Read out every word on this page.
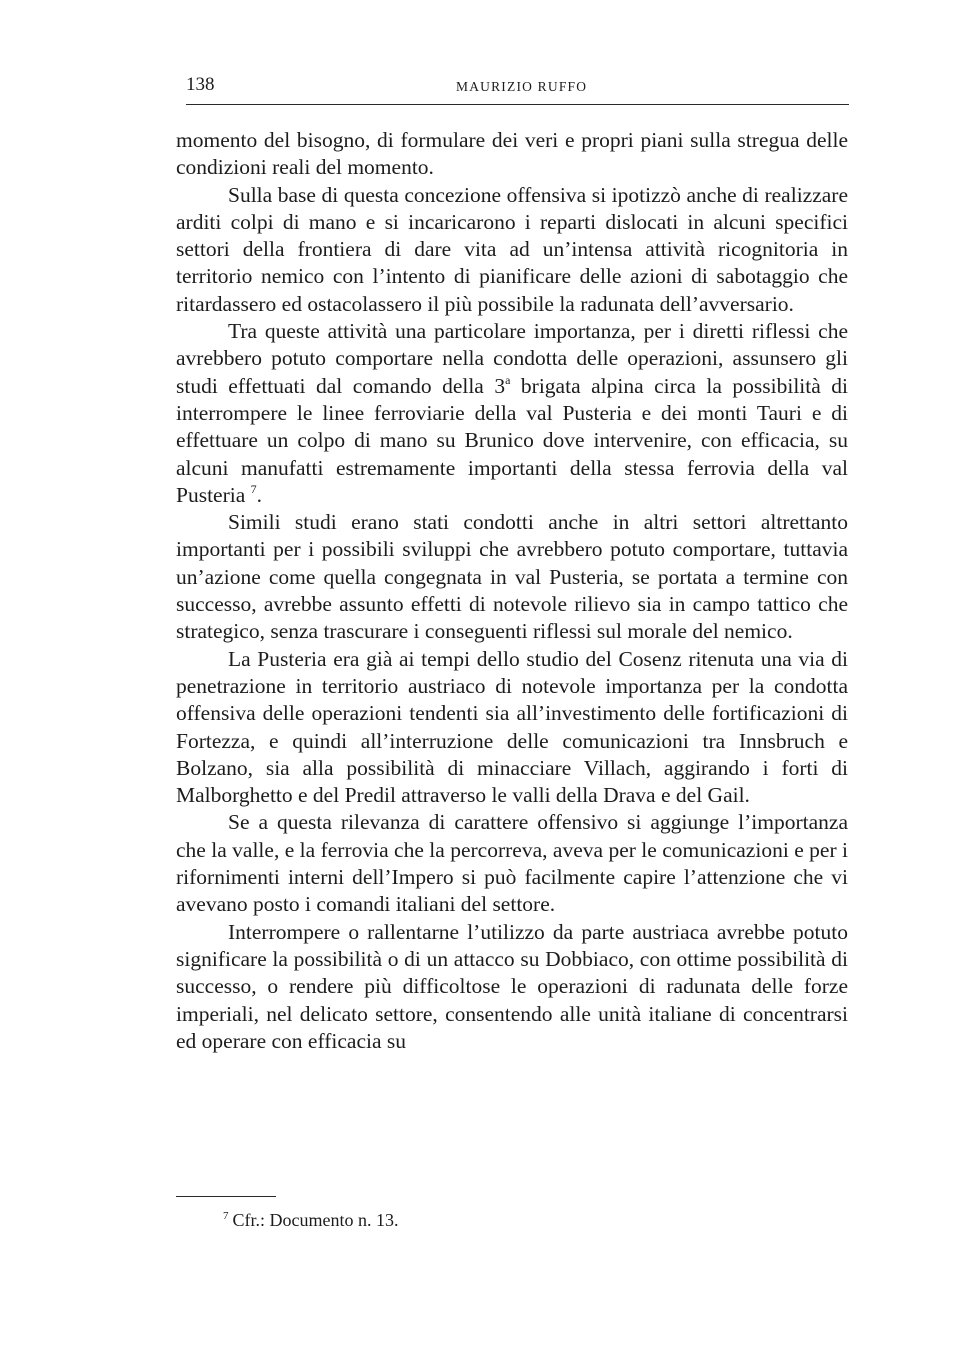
138	MAURIZIO RUFFO

momento del bisogno, di formulare dei veri e propri piani sulla stregua delle condizioni reali del momento.

Sulla base di questa concezione offensiva si ipotizzò anche di realizzare arditi colpi di mano e si incaricarono i reparti dislocati in alcuni specifici settori della frontiera di dare vita ad un’intensa attività ricognitoria in territorio nemico con l’intento di pianificare delle azioni di sabotaggio che ritardassero ed ostacolassero il più possibile la radunata dell’avversario.

Tra queste attività una particolare importanza, per i diretti riflessi che avrebbero potuto comportare nella condotta delle operazioni, assunsero gli studi effettuati dal comando della 3$^a$ brigata alpina circa la possibilità di interrompere le linee ferroviarie della val Pusteria e dei monti Tauri e di effettuare un colpo di mano su Brunico dove intervenire, con efficacia, su alcuni manufatti estremamente importanti della stessa ferrovia della val Pusteria $^7$.

Simili studi erano stati condotti anche in altri settori altrettanto importanti per i possibili sviluppi che avrebbero potuto comportare, tuttavia un’azione come quella congegnata in val Pusteria, se portata a termine con successo, avrebbe assunto effetti di notevole rilievo sia in campo tattico che strategico, senza trascurare i conseguenti riflessi sul morale del nemico.

La Pusteria era già ai tempi dello studio del Cosenz ritenuta una via di penetrazione in territorio austriaco di notevole importanza per la condotta offensiva delle operazioni tendenti sia all’investimento delle fortificazioni di Fortezza, e quindi all’interruzione delle comunicazioni tra Innsbruch e Bolzano, sia alla possibilità di minacciare Villach, aggirando i forti di Malborghetto e del Predil attraverso le valli della Drava e del Gail.

Se a questa rilevanza di carattere offensivo si aggiunge l’importanza che la valle, e la ferrovia che la percorreva, aveva per le comunicazioni e per i rifornimenti interni dell’Impero si può facilmente capire l’attenzione che vi avevano posto i comandi italiani del settore.

Interrompere o rallentarne l’utilizzo da parte austriaca avrebbe potuto significare la possibilità o di un attacco su Dobbiaco, con ottime possibilità di successo, o rendere più difficoltose le operazioni di radunata delle forze imperiali, nel delicato settore, consentendo alle unità italiane di concentrarsi ed operare con efficacia su

$^7$ Cfr.: Documento n. 13.
